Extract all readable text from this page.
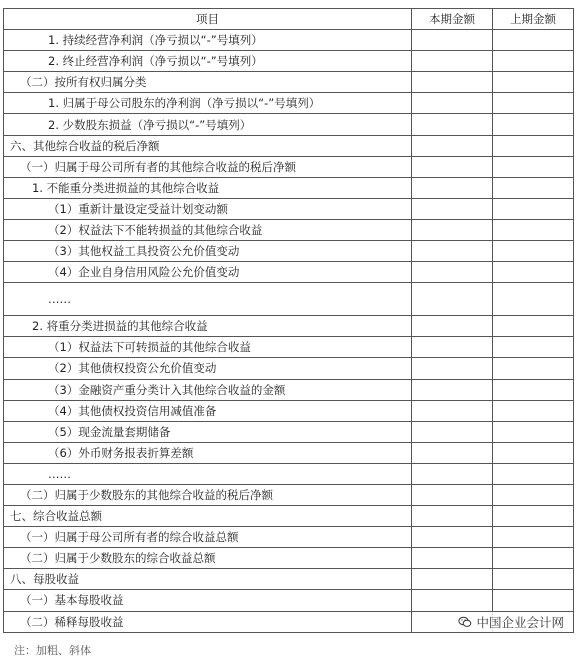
项目	本期金额	上期金额
1. 持续经营净利润（净亏损以“-”号填列）		
2. 终止经营净利润（净亏损以“-”号填列）		
（二）按所有权归属分类		
1. 归属于母公司股东的净利润（净亏损以“-”号填列）		
2. 少数股东损益（净亏损以“-”号填列）		
六、其他综合收益的税后净额		
（一）归属于母公司所有者的其他综合收益的税后净额		
1. 不能重分类进损益的其他综合收益		
（1）重新计量设定受益计划变动额		
（2）权益法下不能转损益的其他综合收益		
（3）其他权益工具投资公允价值变动		
（4）企业自身信用风险公允价值变动		
……		
2. 将重分类进损益的其他综合收益		
（1）权益法下可转损益的其他综合收益		
（2）其他债权投资公允价值变动		
（3）金融资产重分类计入其他综合收益的金额		
（4）其他债权投资信用减值准备		
（5）现金流量套期储备		
（6）外币财务报表折算差额		
……		
（二）归属于少数股东的其他综合收益的税后净额		
七、综合收益总额		
（一）归属于母公司所有者的综合收益总额		
（二）归属于少数股东的综合收益总额		
八、每股收益		
（一）基本每股收益		
（二）稀释每股收益			中国企业会计网
注：加粗、斜体
